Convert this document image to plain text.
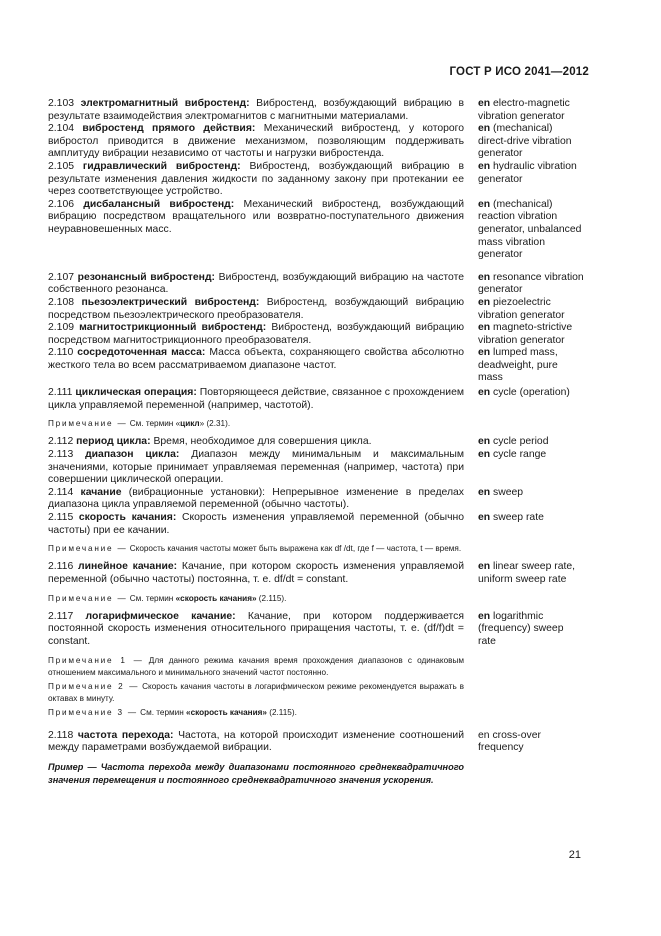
ГОСТ Р ИСО 2041—2012
2.103 электромагнитный вибростенд: Вибростенд, возбуждающий вибрацию в результате взаимодействия электромагнитов с магнитными материалами.
en electro-magnetic vibration generator
2.104 вибростенд прямого действия: Механический вибростенд, у которого вибростол приводится в движение механизмом, позволяющим поддерживать амплитуду вибрации независимо от частоты и нагрузки вибростенда.
en (mechanical) direct-drive vibration generator
2.105 гидравлический вибростенд: Вибростенд, возбуждающий вибрацию в результате изменения давления жидкости по заданному закону при протекании ее через соответствующее устройство.
en hydraulic vibration generator
2.106 дисбалансный вибростенд: Механический вибростенд, возбуждающий вибрацию посредством вращательного или возвратно-поступательного движения неуравновешенных масс.
en (mechanical) reaction vibration generator, unbalanced mass vibration generator
2.107 резонансный вибростенд: Вибростенд, возбуждающий вибрацию на частоте собственного резонанса.
en resonance vibration generator
2.108 пьезоэлектрический вибростенд: Вибростенд, возбуждающий вибрацию посредством пьезоэлектрического преобразователя.
en piezoelectric vibration generator
2.109 магнитострикционный вибростенд: Вибростенд, возбуждающий вибрацию посредством магнитострикционного преобразователя.
en magneto-strictive vibration generator
2.110 сосредоточенная масса: Масса объекта, сохраняющего свойства абсолютно жесткого тела во всем рассматриваемом диапазоне частот.
en lumped mass, deadweight, pure mass
2.111 циклическая операция: Повторяющееся действие, связанное с прохождением цикла управляемой переменной (например, частотой).
en cycle (operation)
Примечание — См. термин «цикл» (2.31).
2.112 период цикла: Время, необходимое для совершения цикла.	en cycle period
2.113 диапазон цикла: Диапазон между минимальным и максимальным значениями, которые принимает управляемая переменная (например, частота) при совершении циклической операции.
en cycle range
2.114 качание (вибрационные установки): Непрерывное изменение в пределах диапазона цикла управляемой переменной (обычно частоты).
en sweep
2.115 скорость качания: Скорость изменения управляемой переменной (обычно частоты) при ее качании.
en sweep rate
Примечание — Скорость качания частоты может быть выражена как df /dt, где f — частота, t — время.
2.116 линейное качание: Качание, при котором скорость изменения управляемой переменной (обычно частоты) постоянна, т. е. df/dt = constant.
en linear sweep rate, uniform sweep rate
Примечание — См. термин «скорость качания» (2.115).
2.117 логарифмическое качание: Качание, при котором поддерживается постоянной скорость изменения относительного приращения частоты, т. е. (df/f)dt = constant.
en logarithmic (frequency) sweep rate
Примечание 1 — Для данного режима качания время прохождения диапазонов с одинаковым отношением максимального и минимального значений частот постоянно.
Примечание 2 — Скорость качания частоты в логарифмическом режиме рекомендуется выражать в октавах в минуту.
Примечание 3 — См. термин «скорость качания» (2.115).
2.118 частота перехода: Частота, на которой происходит изменение соотношений между параметрами возбуждаемой вибрации.
en cross-over frequency
Пример — Частота перехода между диапазонами постоянного среднеквадратичного значения перемещения и постоянного среднеквадратичного значения ускорения.
21
